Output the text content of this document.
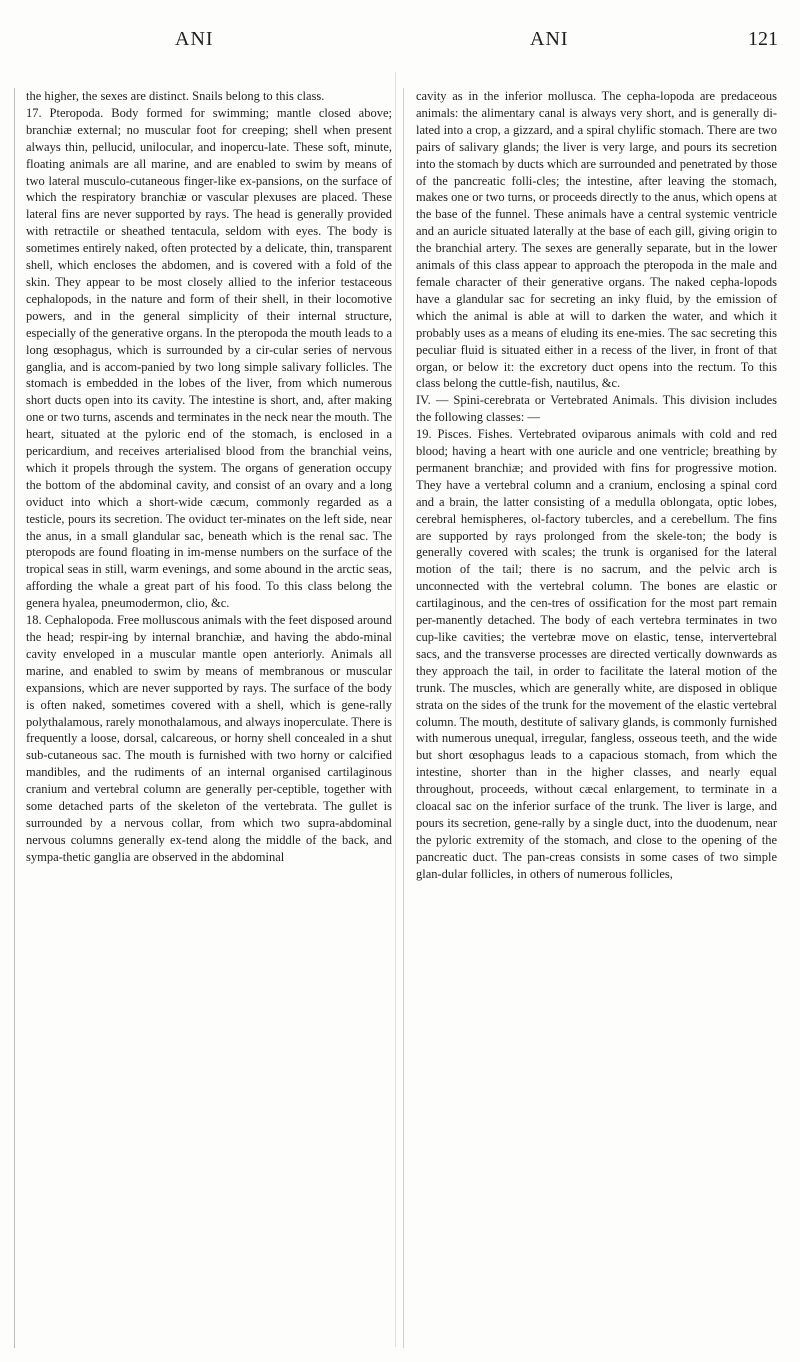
ANI	ANI	121

the higher, the sexes are distinct. Snails belong to this class.

17. Pteropoda. Body formed for swimming; mantle closed above; branchiæ external; no muscular foot for creeping; shell when present always thin, pellucid, unilocular, and inopercu-late. These soft, minute, floating animals are all marine, and are enabled to swim by means of two lateral musculo-cutaneous finger-like ex-pansions, on the surface of which the respiratory branchiæ or vascular plexuses are placed. These lateral fins are never supported by rays. The head is generally provided with retractile or sheathed tentacula, seldom with eyes. The body is sometimes entirely naked, often protected by a delicate, thin, transparent shell, which encloses the abdomen, and is covered with a fold of the skin. They appear to be most closely allied to the inferior testaceous cephalopods, in the nature and form of their shell, in their locomotive powers, and in the general simplicity of their internal structure, especially of the generative organs. In the pteropoda the mouth leads to a long œsophagus, which is surrounded by a cir-cular series of nervous ganglia, and is accom-panied by two long simple salivary follicles. The stomach is embedded in the lobes of the liver, from which numerous short ducts open into its cavity. The intestine is short, and, after making one or two turns, ascends and terminates in the neck near the mouth. The heart, situated at the pyloric end of the stomach, is enclosed in a pericardium, and receives arterialised blood from the branchial veins, which it propels through the system. The organs of generation occupy the bottom of the abdominal cavity, and consist of an ovary and a long oviduct into which a short-wide cæcum, commonly regarded as a testicle, pours its secretion. The oviduct ter-minates on the left side, near the anus, in a small glandular sac, beneath which is the renal sac. The pteropods are found floating in im-mense numbers on the surface of the tropical seas in still, warm evenings, and some abound in the arctic seas, affording the whale a great part of his food. To this class belong the genera hyalea, pneumodermon, clio, &c.

18. Cephalopoda. Free molluscous animals with the feet disposed around the head; respir-ing by internal branchiæ, and having the abdo-minal cavity enveloped in a muscular mantle open anteriorly. Animals all marine, and enabled to swim by means of membranous or muscular expansions, which are never supported by rays. The surface of the body is often naked, sometimes covered with a shell, which is gene-rally polythalamous, rarely monothalamous, and always inoperculate. There is frequently a loose, dorsal, calcareous, or horny shell concealed in a shut sub-cutaneous sac. The mouth is furnished with two horny or calcified mandibles, and the rudiments of an internal organised cartilaginous cranium and vertebral column are generally per-ceptible, together with some detached parts of the skeleton of the vertebrata. The gullet is surrounded by a nervous collar, from which two supra-abdominal nervous columns generally ex-tend along the middle of the back, and sympa-thetic ganglia are observed in the abdominal

cavity as in the inferior mollusca. The cepha-lopoda are predaceous animals: the alimentary canal is always very short, and is generally di-lated into a crop, a gizzard, and a spiral chylific stomach. There are two pairs of salivary glands; the liver is very large, and pours its secretion into the stomach by ducts which are surrounded and penetrated by those of the pancreatic folli-cles; the intestine, after leaving the stomach, makes one or two turns, or proceeds directly to the anus, which opens at the base of the funnel. These animals have a central systemic ventricle and an auricle situated laterally at the base of each gill, giving origin to the branchial artery. The sexes are generally separate, but in the lower animals of this class appear to approach the pteropoda in the male and female character of their generative organs. The naked cepha-lopods have a glandular sac for secreting an inky fluid, by the emission of which the animal is able at will to darken the water, and which it probably uses as a means of eluding its ene-mies. The sac secreting this peculiar fluid is situated either in a recess of the liver, in front of that organ, or below it: the excretory duct opens into the rectum. To this class belong the cuttle-fish, nautilus, &c.

IV. — Spini-cerebrata or Vertebrated Animals. This division includes the following classes: —

19. Pisces. Fishes. Vertebrated oviparous animals with cold and red blood; having a heart with one auricle and one ventricle; breathing by permanent branchiæ; and provided with fins for progressive motion. They have a vertebral column and a cranium, enclosing a spinal cord and a brain, the latter consisting of a medulla oblongata, optic lobes, cerebral hemispheres, ol-factory tubercles, and a cerebellum. The fins are supported by rays prolonged from the skele-ton; the body is generally covered with scales; the trunk is organised for the lateral motion of the tail; there is no sacrum, and the pelvic arch is unconnected with the vertebral column. The bones are elastic or cartilaginous, and the cen-tres of ossification for the most part remain per-manently detached. The body of each vertebra terminates in two cup-like cavities; the vertebræ move on elastic, tense, intervertebral sacs, and the transverse processes are directed vertically downwards as they approach the tail, in order to facilitate the lateral motion of the trunk. The muscles, which are generally white, are disposed in oblique strata on the sides of the trunk for the movement of the elastic vertebral column. The mouth, destitute of salivary glands, is commonly furnished with numerous unequal, irregular, fangless, osseous teeth, and the wide but short œsophagus leads to a capacious stomach, from which the intestine, shorter than in the higher classes, and nearly equal throughout, proceeds, without cæcal enlargement, to terminate in a cloacal sac on the inferior surface of the trunk. The liver is large, and pours its secretion, gene-rally by a single duct, into the duodenum, near the pyloric extremity of the stomach, and close to the opening of the pancreatic duct. The pan-creas consists in some cases of two simple glan-dular follicles, in others of numerous follicles,
